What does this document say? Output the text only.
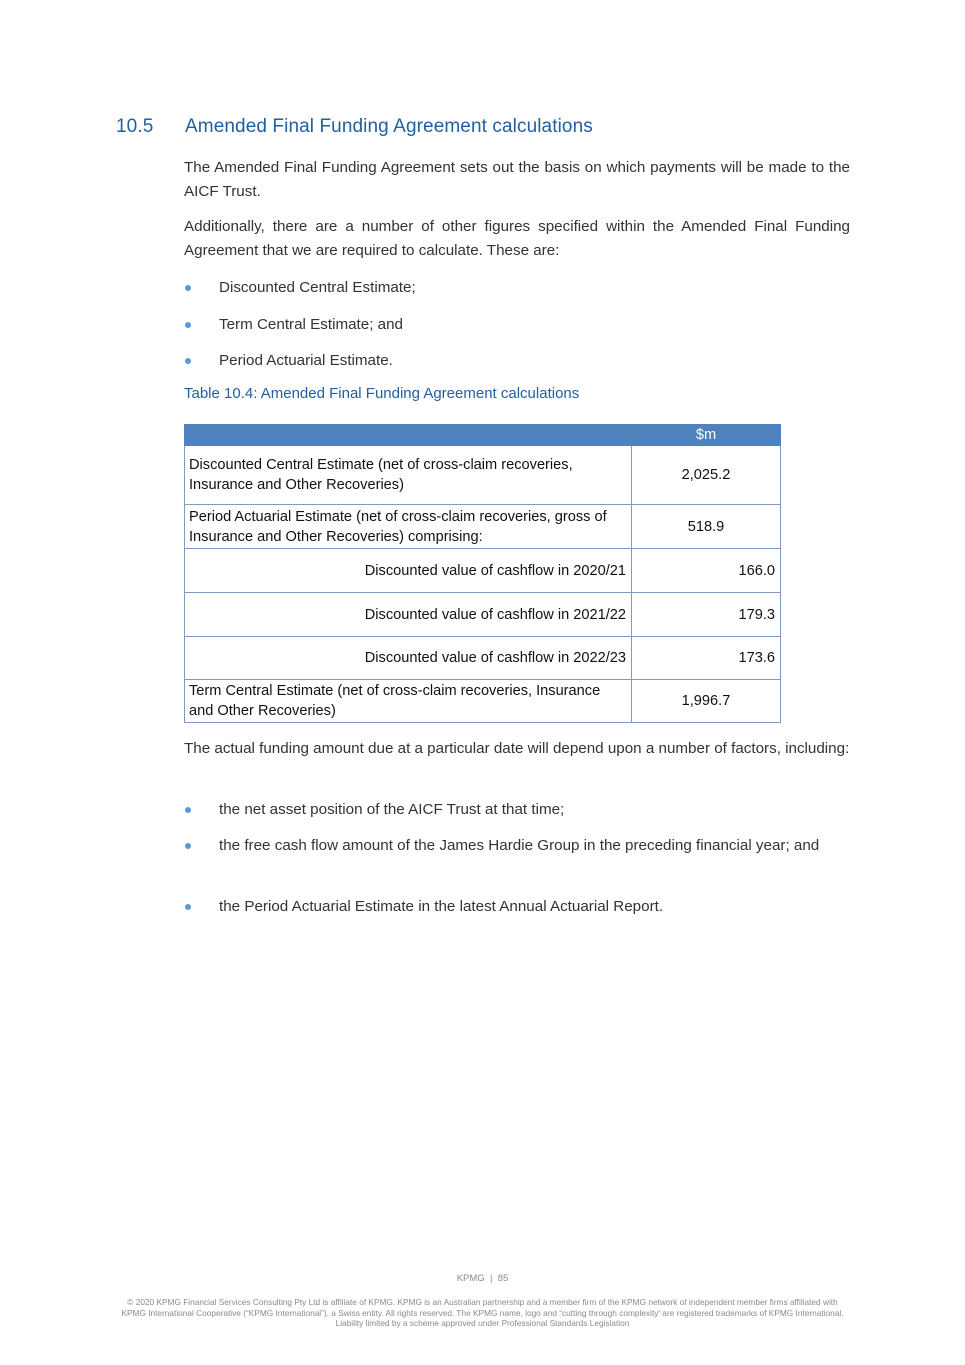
10.5 Amended Final Funding Agreement calculations
The Amended Final Funding Agreement sets out the basis on which payments will be made to the AICF Trust.
Additionally, there are a number of other figures specified within the Amended Final Funding Agreement that we are required to calculate. These are:
Discounted Central Estimate;
Term Central Estimate; and
Period Actuarial Estimate.
Table 10.4: Amended Final Funding Agreement calculations
	$m
Discounted Central Estimate (net of cross-claim recoveries, Insurance and Other Recoveries)	2,025.2
Period Actuarial Estimate (net of cross-claim recoveries, gross of Insurance and Other Recoveries) comprising:	518.9
Discounted value of cashflow in 2020/21	166.0
Discounted value of cashflow in 2021/22	179.3
Discounted value of cashflow in 2022/23	173.6
Term Central Estimate (net of cross-claim recoveries, Insurance and Other Recoveries)	1,996.7
The actual funding amount due at a particular date will depend upon a number of factors, including:
the net asset position of the AICF Trust at that time;
the free cash flow amount of the James Hardie Group in the preceding financial year; and
the Period Actuarial Estimate in the latest Annual Actuarial Report.
KPMG  |  85
© 2020 KPMG Financial Services Consulting Pty Ltd is affiliate of KPMG. KPMG is an Australian partnership and a member firm of the KPMG network of independent member firms affiliated with KPMG International Cooperative (“KPMG International”), a Swiss entity. All rights reserved. The KPMG name, logo and “cutting through complexity' are registered trademarks of KPMG International. Liability limited by a scheme approved under Professional Standards Legislation
